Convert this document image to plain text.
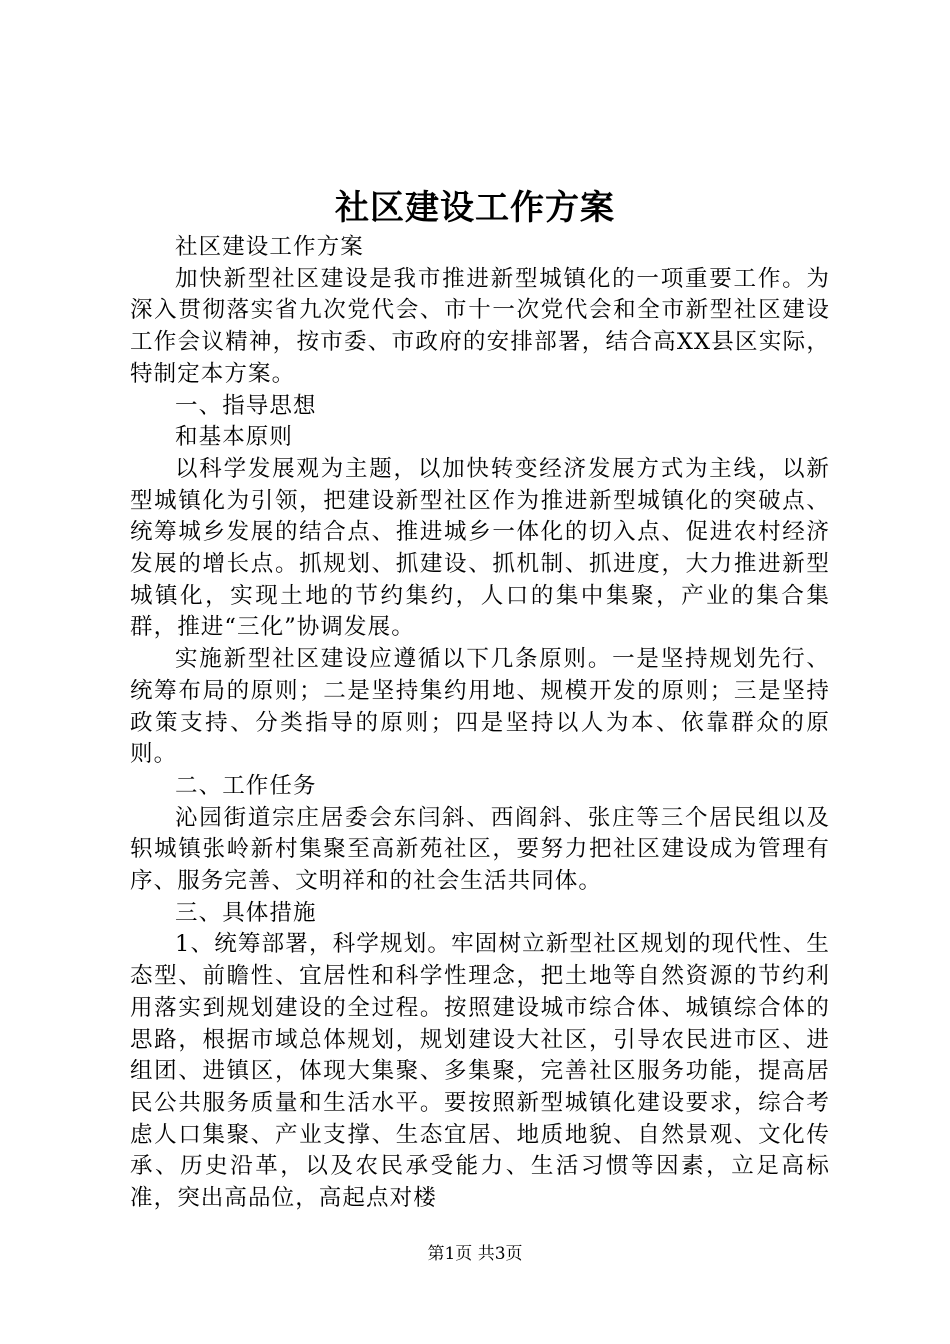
社区建设工作方案

社区建设工作方案

加快新型社区建设是我市推进新型城镇化的一项重要工作。为深入贯彻落实省九次党代会、市十一次党代会和全市新型社区建设工作会议精神，按市委、市政府的安排部署，结合高XX县区实际，特制定本方案。

一、指导思想

和基本原则

以科学发展观为主题，以加快转变经济发展方式为主线，以新型城镇化为引领，把建设新型社区作为推进新型城镇化的突破点、统筹城乡发展的结合点、推进城乡一体化的切入点、促进农村经济发展的增长点。抓规划、抓建设、抓机制、抓进度，大力推进新型城镇化，实现土地的节约集约，人口的集中集聚，产业的集合集群，推进“三化”协调发展。

实施新型社区建设应遵循以下几条原则。一是坚持规划先行、统筹布局的原则；二是坚持集约用地、规模开发的原则；三是坚持政策支持、分类指导的原则；四是坚持以人为本、依靠群众的原则。

二、工作任务

沁园街道宗庄居委会东闫斜、西阎斜、张庄等三个居民组以及轵城镇张岭新村集聚至高新苑社区，要努力把社区建设成为管理有序、服务完善、文明祥和的社会生活共同体。

三、具体措施

1、统筹部署，科学规划。牢固树立新型社区规划的现代性、生态型、前瞻性、宜居性和科学性理念，把土地等自然资源的节约利用落实到规划建设的全过程。按照建设城市综合体、城镇综合体的思路，根据市域总体规划，规划建设大社区，引导农民进市区、进组团、进镇区，体现大集聚、多集聚，完善社区服务功能，提高居民公共服务质量和生活水平。要按照新型城镇化建设要求，综合考虑人口集聚、产业支撑、生态宜居、地质地貌、自然景观、文化传承、历史沿革，以及农民承受能力、生活习惯等因素，立足高标准，突出高品位，高起点对楼

第1页 共3页
